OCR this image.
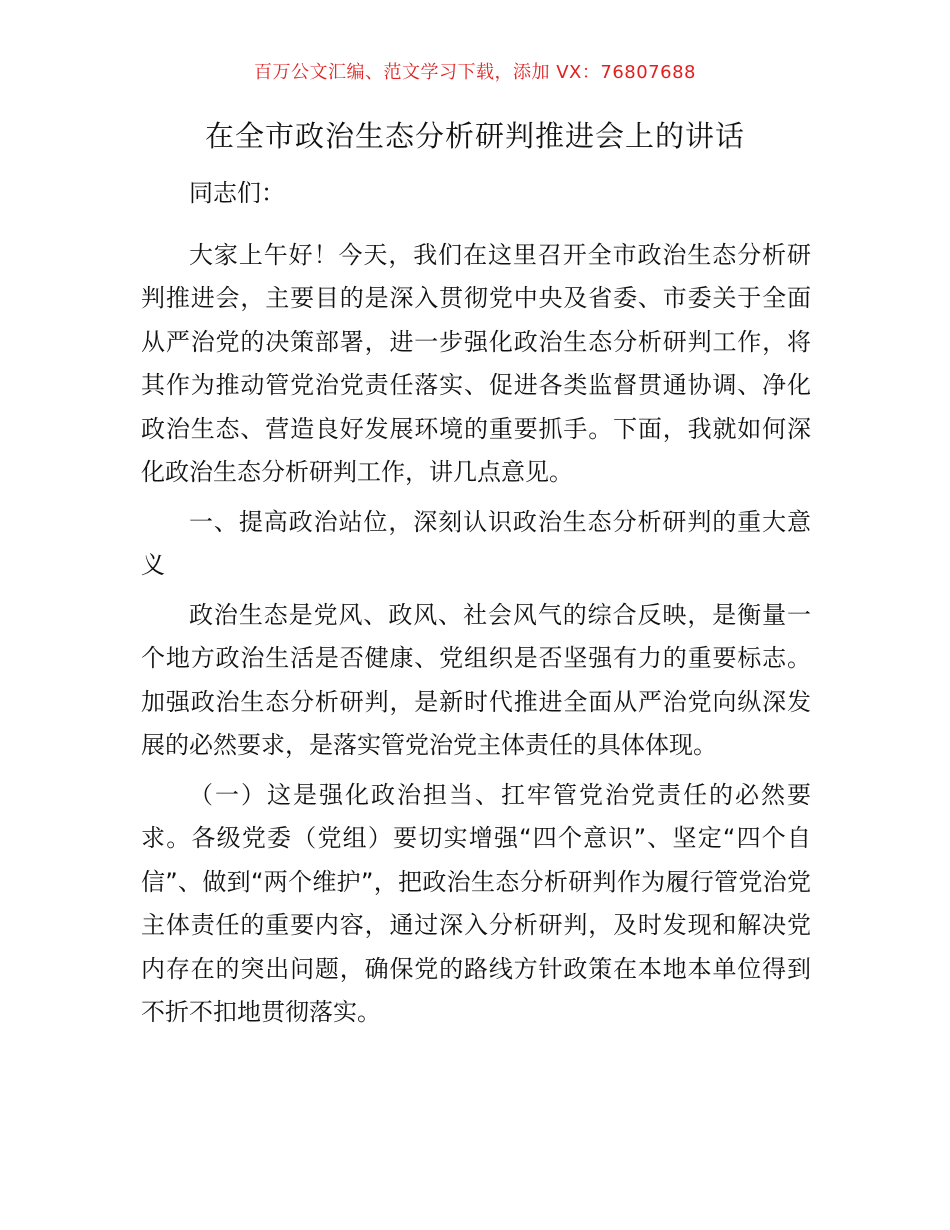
百万公文汇编、范文学习下载，添加 VX：76807688
在全市政治生态分析研判推进会上的讲话

同志们：

大家上午好！今天，我们在这里召开全市政治生态分析研判推进会，主要目的是深入贯彻党中央及省委、市委关于全面从严治党的决策部署，进一步强化政治生态分析研判工作，将其作为推动管党治党责任落实、促进各类监督贯通协调、净化政治生态、营造良好发展环境的重要抓手。下面，我就如何深化政治生态分析研判工作，讲几点意见。

一、提高政治站位，深刻认识政治生态分析研判的重大意义

政治生态是党风、政风、社会风气的综合反映，是衡量一个地方政治生活是否健康、党组织是否坚强有力的重要标志。加强政治生态分析研判，是新时代推进全面从严治党向纵深发展的必然要求，是落实管党治党主体责任的具体体现。

（一）这是强化政治担当、扛牢管党治党责任的必然要求。各级党委（党组）要切实增强“四个意识”、坚定“四个自信”、做到“两个维护”，把政治生态分析研判作为履行管党治党主体责任的重要内容，通过深入分析研判，及时发现和解决党内存在的突出问题，确保党的路线方针政策在本地本单位得到不折不扣地贯彻落实。
